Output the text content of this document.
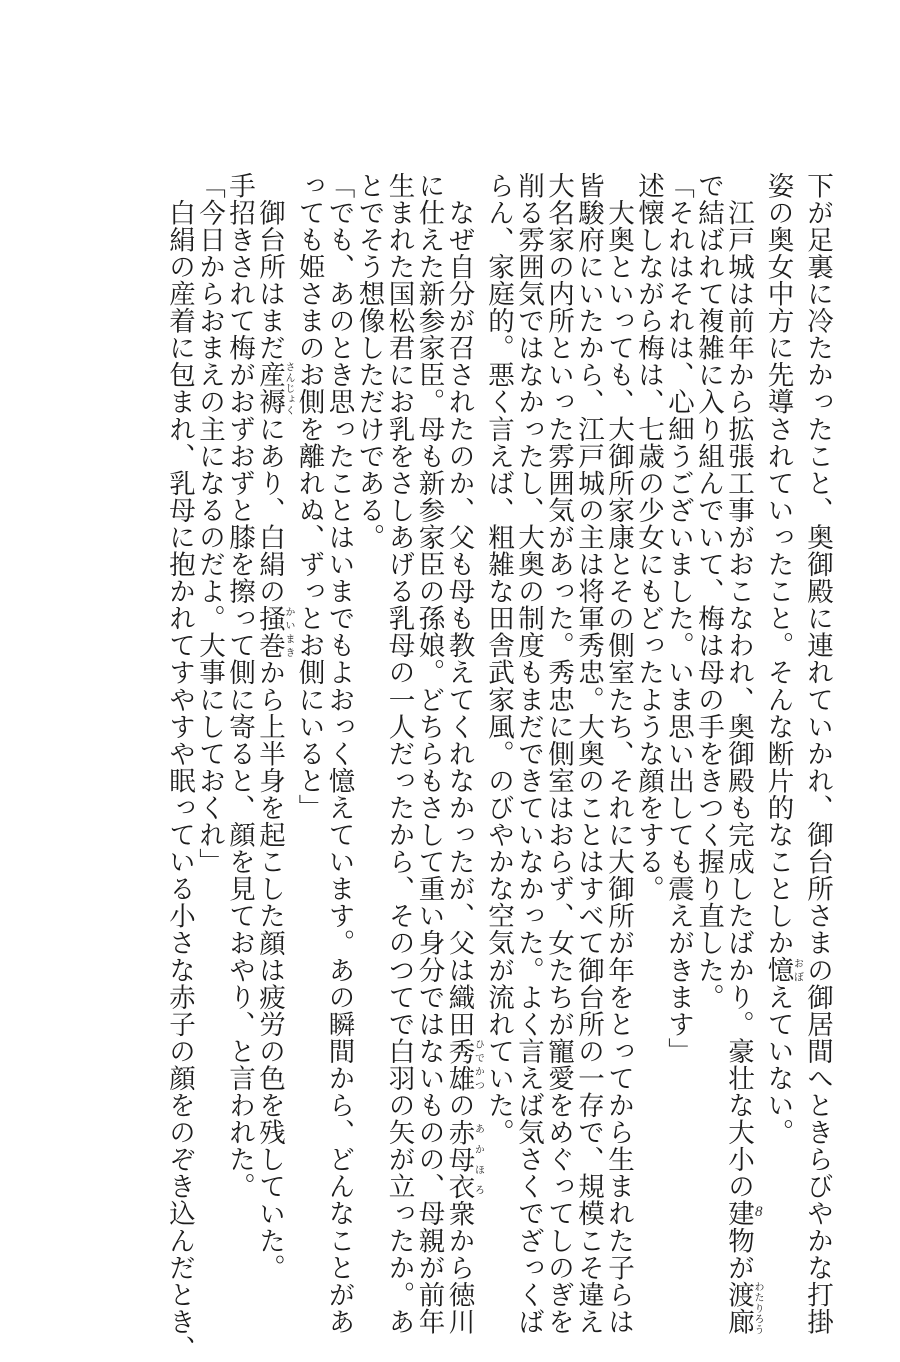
下が足裏に冷たかったこと、奥御殿に連れていかれ、御台所さまの御居間へときらびやかな打掛
姿の奥女中方に先導されていったこと。そんな断片的なことしか憶おぼえていない。
　江戸城は前年から拡張工事がおこなわれ、奥御殿も完成したばかり。豪壮な大小の建物が渡廊わたりろう
で結ばれて複雑に入り組んでいて、梅は母の手をきつく握り直した。
「それはそれは、心細うございました。いま思い出しても震えがきます」
述懐しながら梅は、七歳の少女にもどったような顔をする。
　大奥といっても、大御所家康とその側室たち、それに大御所が年をとってから生まれた子らは
皆駿府にいたから、江戸城の主は将軍秀忠。大奥のことはすべて御台所の一存で、規模こそ違え
大名家の内所といった雰囲気があった。秀忠に側室はおらず、女たちが寵愛をめぐってしのぎを
削る雰囲気ではなかったし、大奥の制度もまだできていなかった。よく言えば気さくでざっくば
らん、家庭的。悪く言えば、粗雑な田舎武家風。のびやかな空気が流れていた。
　なぜ自分が召されたのか、父も母も教えてくれなかったが、父は織田秀雄ひでかつの赤母衣あかほろ衆から徳川
に仕えた新参家臣。母も新参家臣の孫娘。どちらもさして重い身分ではないものの、母親が前年
生まれた国松君にお乳をさしあげる乳母の一人だったから、そのつてで白羽の矢が立ったか。あ
とでそう想像しただけである。
「でも、あのとき思ったことはいまでもよおっく憶えています。あの瞬間から、どんなことがあ
っても姫さまのお側を離れぬ、ずっとお側にいると」
　御台所はまだ産褥さんじょくにあり、白絹の掻巻かいまきから上半身を起こした顔は疲労の色を残していた。
手招きされて梅がおずおずと膝を擦って側に寄ると、顔を見ておやり、と言われた。
「今日からおまえの主になるのだよ。大事にしておくれ」
　白絹の産着に包まれ、乳母に抱かれてすやすや眠っている小さな赤子の顔をのぞき込んだとき、	8
